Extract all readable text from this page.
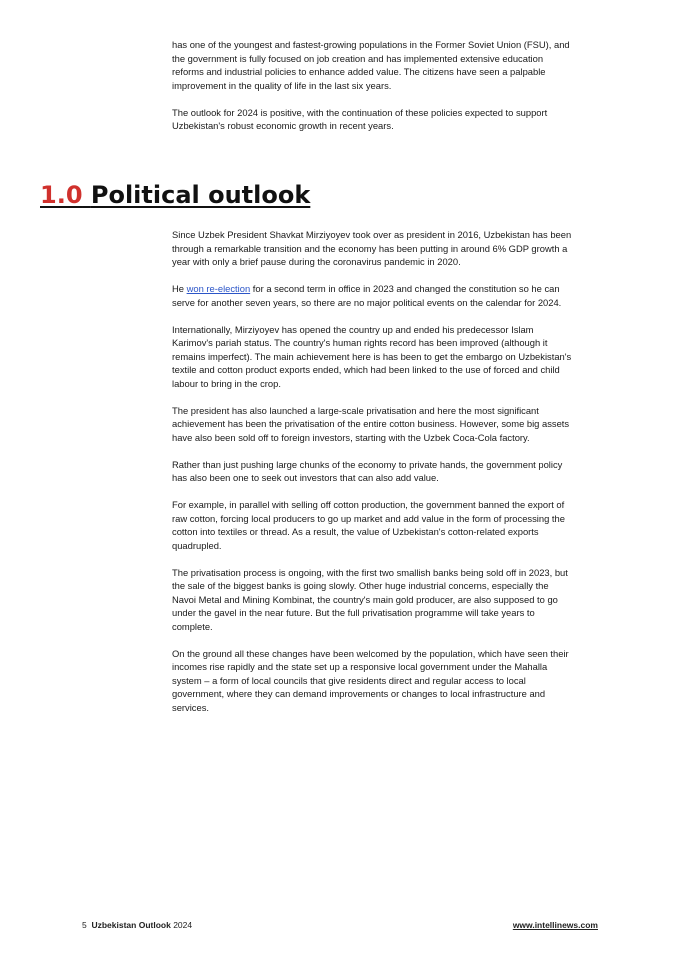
has one of the youngest and fastest-growing populations in the Former Soviet Union (FSU), and the government is fully focused on job creation and has implemented extensive education reforms and industrial policies to enhance added value. The citizens have seen a palpable improvement in the quality of life in the last six years.

The outlook for 2024 is positive, with the continuation of these policies expected to support Uzbekistan's robust economic growth in recent years.

1.0 Political outlook

Since Uzbek President Shavkat Mirziyoyev took over as president in 2016, Uzbekistan has been through a remarkable transition and the economy has been putting in around 6% GDP growth a year with only a brief pause during the coronavirus pandemic in 2020.

He won re-election for a second term in office in 2023 and changed the constitution so he can serve for another seven years, so there are no major political events on the calendar for 2024.

Internationally, Mirziyoyev has opened the country up and ended his predecessor Islam Karimov's pariah status. The country's human rights record has been improved (although it remains imperfect). The main achievement here is has been to get the embargo on Uzbekistan's textile and cotton product exports ended, which had been linked to the use of forced and child labour to bring in the crop.

The president has also launched a large-scale privatisation and here the most significant achievement has been the privatisation of the entire cotton business. However, some big assets have also been sold off to foreign investors, starting with the Uzbek Coca-Cola factory.

Rather than just pushing large chunks of the economy to private hands, the government policy has also been one to seek out investors that can also add value.

For example, in parallel with selling off cotton production, the government banned the export of raw cotton, forcing local producers to go up market and add value in the form of processing the cotton into textiles or thread. As a result, the value of Uzbekistan's cotton-related exports quadrupled.

The privatisation process is ongoing, with the first two smallish banks being sold off in 2023, but the sale of the biggest banks is going slowly. Other huge industrial concerns, especially the Navoi Metal and Mining Kombinat, the country's main gold producer, are also supposed to go under the gavel in the near future. But the full privatisation programme will take years to complete.

On the ground all these changes have been welcomed by the population, which have seen their incomes rise rapidly and the state set up a responsive local government under the Mahalla system – a form of local councils that give residents direct and regular access to local government, where they can demand improvements or changes to local infrastructure and services.

5 Uzbekistan Outlook 2024	www.intellinews.com
